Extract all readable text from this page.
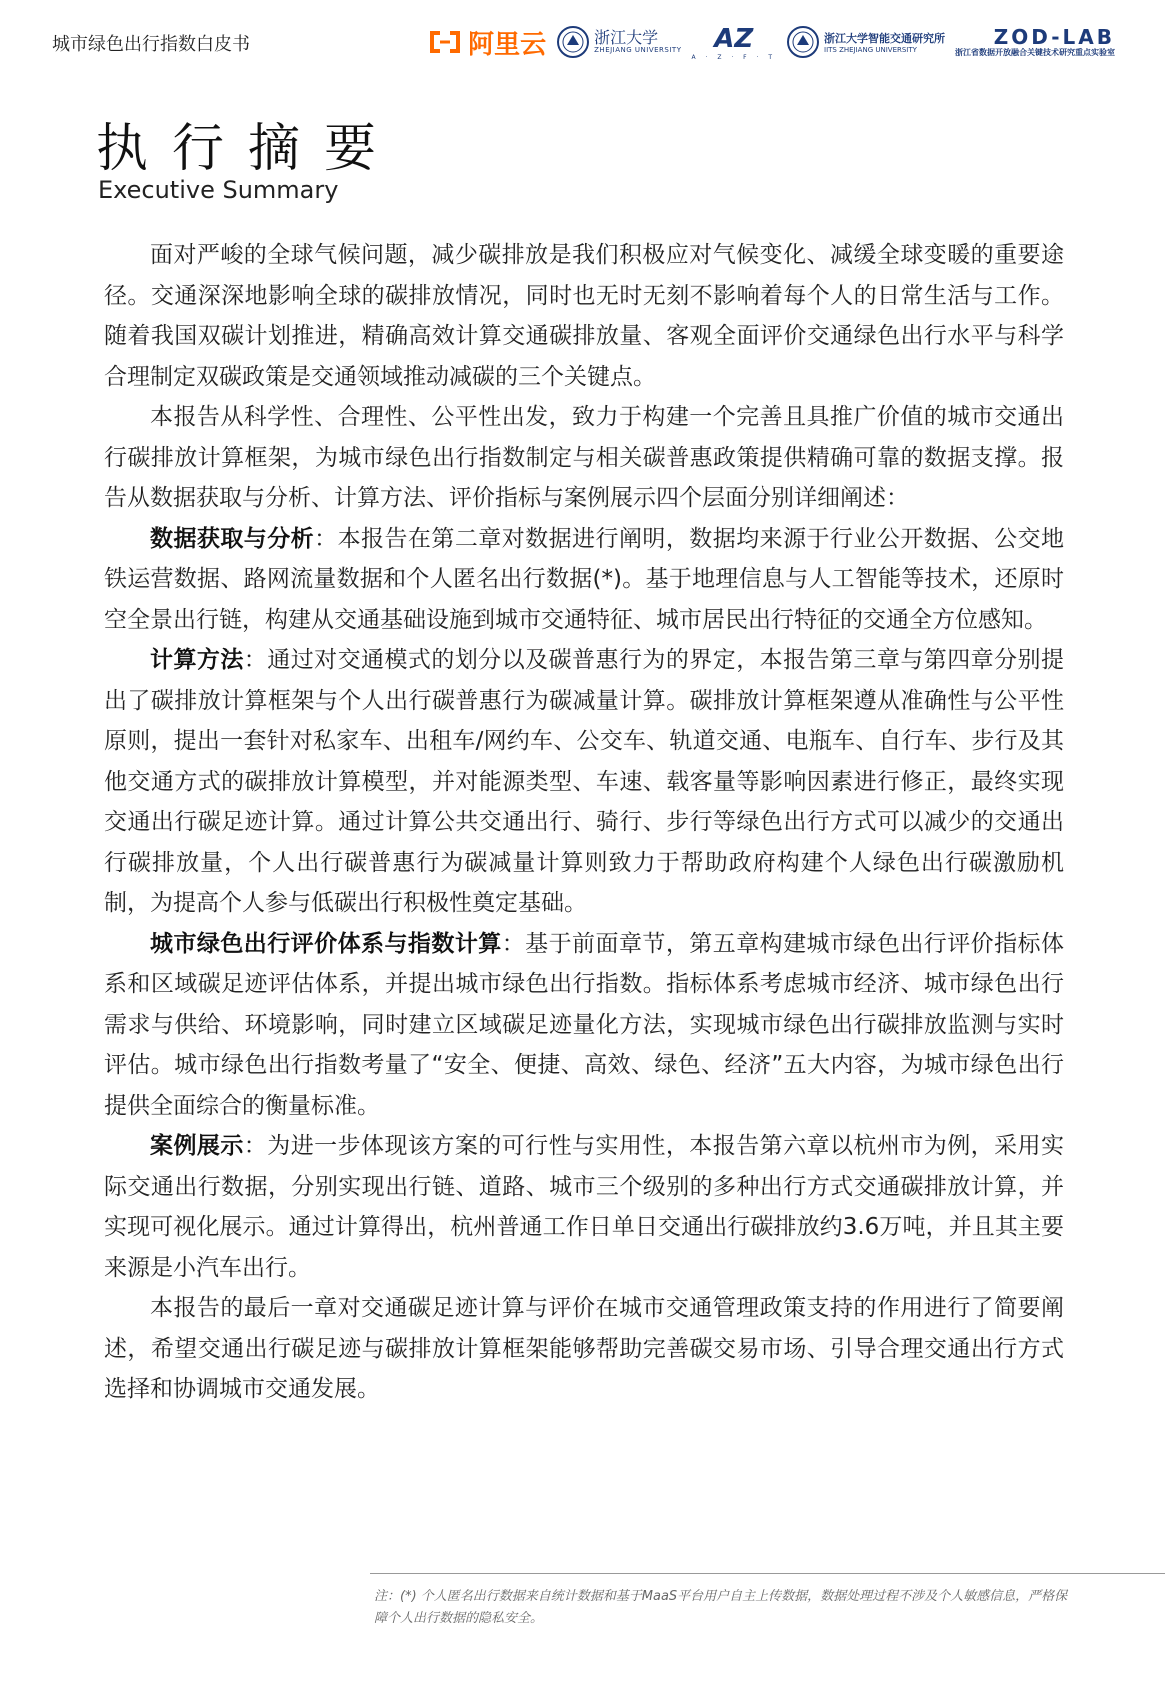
城市绿色出行指数白皮书	阿里云	浙江大学
ZHEJIANG UNIVERSITY AZ
A · Z · F · T
浙江大学智能交通研究所
IITS ZHEJIANG UNIVERSITY
ZOD-LAB
浙江省数据开放融合关键技术研究重点实验室
执行摘要
Executive Summary

面对严峻的全球气候问题，减少碳排放是我们积极应对气候变化、减缓全球变暖的重要途径。交通深深地影响全球的碳排放情况，同时也无时无刻不影响着每个人的日常生活与工作。随着我国双碳计划推进，精确高效计算交通碳排放量、客观全面评价交通绿色出行水平与科学合理制定双碳政策是交通领域推动减碳的三个关键点。

本报告从科学性、合理性、公平性出发，致力于构建一个完善且具推广价值的城市交通出行碳排放计算框架，为城市绿色出行指数制定与相关碳普惠政策提供精确可靠的数据支撑。报告从数据获取与分析、计算方法、评价指标与案例展示四个层面分别详细阐述：

数据获取与分析：本报告在第二章对数据进行阐明，数据均来源于行业公开数据、公交地铁运营数据、路网流量数据和个人匿名出行数据(*)。基于地理信息与人工智能等技术，还原时空全景出行链，构建从交通基础设施到城市交通特征、城市居民出行特征的交通全方位感知。

计算方法：通过对交通模式的划分以及碳普惠行为的界定，本报告第三章与第四章分别提出了碳排放计算框架与个人出行碳普惠行为碳减量计算。碳排放计算框架遵从准确性与公平性原则，提出一套针对私家车、出租车/网约车、公交车、轨道交通、电瓶车、自行车、步行及其他交通方式的碳排放计算模型，并对能源类型、车速、载客量等影响因素进行修正，最终实现交通出行碳足迹计算。通过计算公共交通出行、骑行、步行等绿色出行方式可以减少的交通出行碳排放量，个人出行碳普惠行为碳减量计算则致力于帮助政府构建个人绿色出行碳激励机制，为提高个人参与低碳出行积极性奠定基础。

城市绿色出行评价体系与指数计算：基于前面章节，第五章构建城市绿色出行评价指标体系和区域碳足迹评估体系，并提出城市绿色出行指数。指标体系考虑城市经济、城市绿色出行需求与供给、环境影响，同时建立区域碳足迹量化方法，实现城市绿色出行碳排放监测与实时评估。城市绿色出行指数考量了“安全、便捷、高效、绿色、经济”五大内容，为城市绿色出行提供全面综合的衡量标准。

案例展示：为进一步体现该方案的可行性与实用性，本报告第六章以杭州市为例，采用实际交通出行数据，分别实现出行链、道路、城市三个级别的多种出行方式交通碳排放计算，并实现可视化展示。通过计算得出，杭州普通工作日单日交通出行碳排放约3.6万吨，并且其主要来源是小汽车出行。

本报告的最后一章对交通碳足迹计算与评价在城市交通管理政策支持的作用进行了简要阐述，希望交通出行碳足迹与碳排放计算框架能够帮助完善碳交易市场、引导合理交通出行方式选择和协调城市交通发展。

注：(*) 个人匿名出行数据来自统计数据和基于MaaS平台用户自主上传数据，数据处理过程不涉及个人敏感信息，严格保障个人出行数据的隐私安全。
